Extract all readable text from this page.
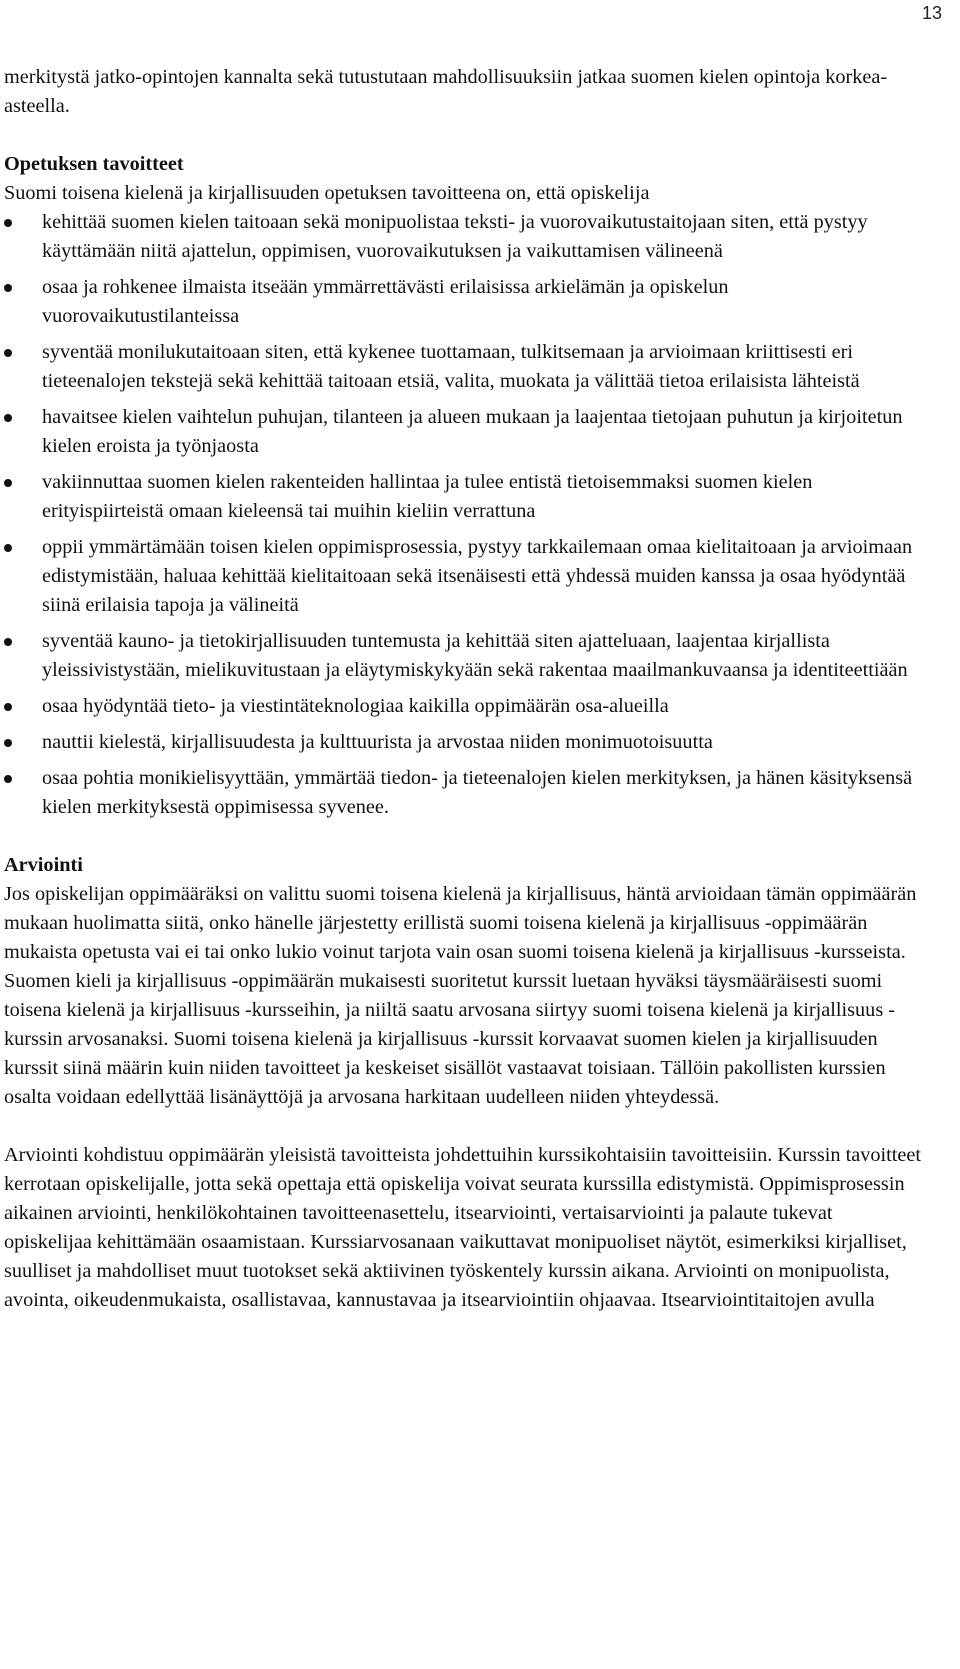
13

merkitystä jatko-opintojen kannalta sekä tutustutaan mahdollisuuksiin jatkaa suomen kielen opintoja korkea-asteella.

Opetuksen tavoitteet

Suomi toisena kielenä ja kirjallisuuden opetuksen tavoitteena on, että opiskelija

kehittää suomen kielen taitoaan sekä monipuolistaa teksti- ja vuorovaikutustaitojaan siten, että pystyy käyttämään niitä ajattelun, oppimisen, vuorovaikutuksen ja vaikuttamisen välineenä
osaa ja rohkenee ilmaista itseään ymmärrettävästi erilaisissa arkielämän ja opiskelun vuorovaikutustilanteissa
syventää monilukutaitoaan siten, että kykenee tuottamaan, tulkitsemaan ja arvioimaan kriittisesti eri tieteenalojen tekstejä sekä kehittää taitoaan etsiä, valita, muokata ja välittää tietoa erilaisista lähteistä
havaitsee kielen vaihtelun puhujan, tilanteen ja alueen mukaan ja laajentaa tietojaan puhutun ja kirjoitetun kielen eroista ja työnjaosta
vakiinnuttaa suomen kielen rakenteiden hallintaa ja tulee entistä tietoisemmaksi suomen kielen erityispiirteistä omaan kieleensä tai muihin kieliin verrattuna
oppii ymmärtämään toisen kielen oppimisprosessia, pystyy tarkkailemaan omaa kielitaitoaan ja arvioimaan edistymistään, haluaa kehittää kielitaitoaan sekä itsenäisesti että yhdessä muiden kanssa ja osaa hyödyntää siinä erilaisia tapoja ja välineitä
syventää kauno- ja tietokirjallisuuden tuntemusta ja kehittää siten ajatteluaan, laajentaa kirjallista yleissivistystään, mielikuvitustaan ja eläytymiskykyään sekä rakentaa maailmankuvaansa ja identiteettiään
osaa hyödyntää tieto- ja viestintäteknologiaa kaikilla oppimäärän osa-alueilla
nauttii kielestä, kirjallisuudesta ja kulttuurista ja arvostaa niiden monimuotoisuutta
osaa pohtia monikielisyyttään, ymmärtää tiedon- ja tieteenalojen kielen merkityksen, ja hänen käsityksensä kielen merkityksestä oppimisessa syvenee.

Arviointi

Jos opiskelijan oppimääräksi on valittu suomi toisena kielenä ja kirjallisuus, häntä arvioidaan tämän oppimäärän mukaan huolimatta siitä, onko hänelle järjestetty erillistä suomi toisena kielenä ja kirjallisuus -oppimäärän mukaista opetusta vai ei tai onko lukio voinut tarjota vain osan suomi toisena kielenä ja kirjallisuus -kursseista. Suomen kieli ja kirjallisuus -oppimäärän mukaisesti suoritetut kurssit luetaan hyväksi täysmääräisesti suomi toisena kielenä ja kirjallisuus -kursseihin, ja niiltä saatu arvosana siirtyy suomi toisena kielenä ja kirjallisuus -kurssin arvosanaksi. Suomi toisena kielenä ja kirjallisuus -kurssit korvaavat suomen kielen ja kirjallisuuden kurssit siinä määrin kuin niiden tavoitteet ja keskeiset sisällöt vastaavat toisiaan. Tällöin pakollisten kurssien osalta voidaan edellyttää lisänäyttöjä ja arvosana harkitaan uudelleen niiden yhteydessä.

Arviointi kohdistuu oppimäärän yleisistä tavoitteista johdettuihin kurssikohtaisiin tavoitteisiin. Kurssin tavoitteet kerrotaan opiskelijalle, jotta sekä opettaja että opiskelija voivat seurata kurssilla edistymistä. Oppimisprosessin aikainen arviointi, henkilökohtainen tavoitteenasettelu, itsearviointi, vertaisarviointi ja palaute tukevat opiskelijaa kehittämään osaamistaan. Kurssiarvosanaan vaikuttavat monipuoliset näytöt, esimerkiksi kirjalliset, suulliset ja mahdolliset muut tuotokset sekä aktiivinen työskentely kurssin aikana. Arviointi on monipuolista, avointa, oikeudenmukaista, osallistavaa, kannustavaa ja itsearviointiin ohjaavaa. Itsearviointitaitojen avulla
